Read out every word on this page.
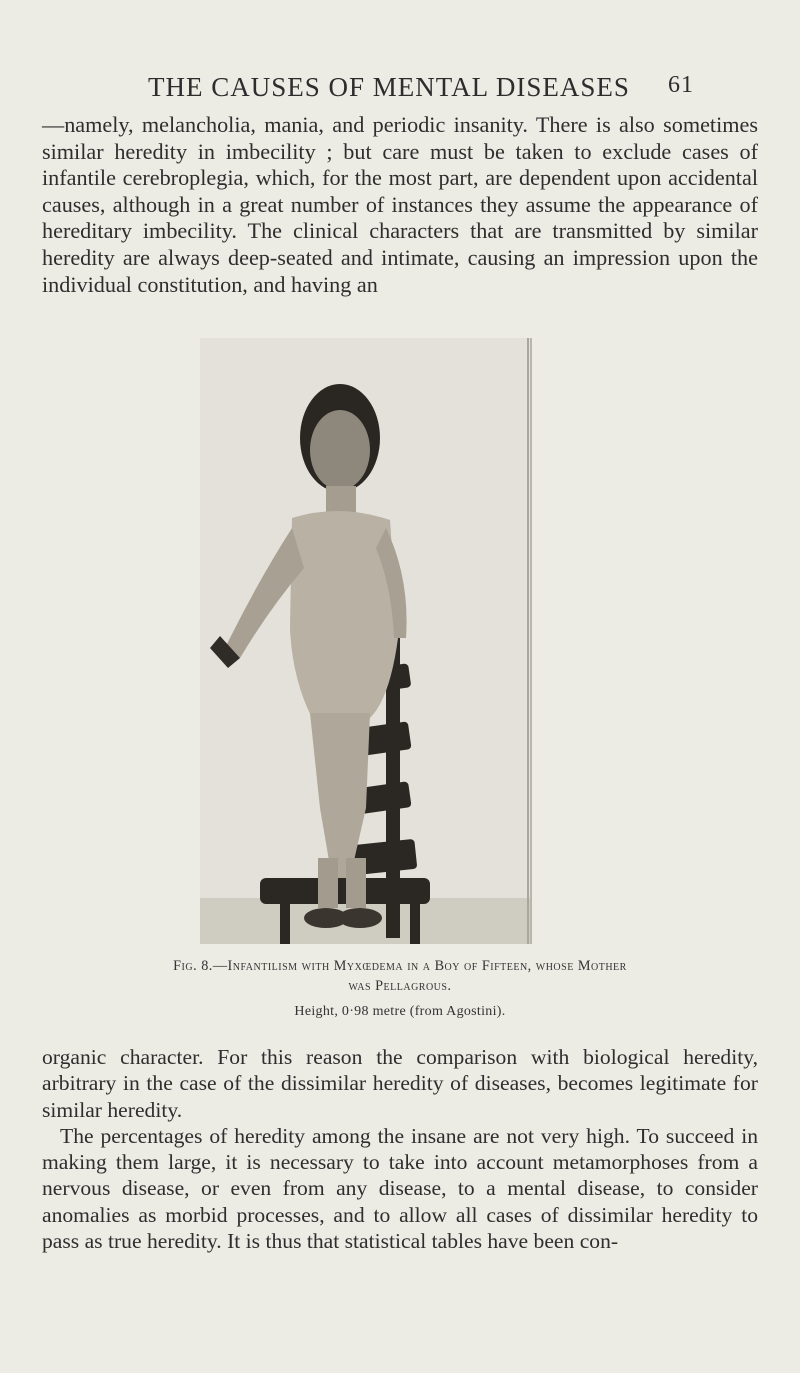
THE CAUSES OF MENTAL DISEASES 61

—namely, melancholia, mania, and periodic insanity. There is also sometimes similar heredity in imbecility ; but care must be taken to exclude cases of infantile cerebroplegia, which, for the most part, are dependent upon accidental causes, although in a great number of instances they assume the appearance of hereditary imbecility. The clinical characters that are transmitted by similar heredity are always deep-seated and intimate, causing an impression upon the individual constitution, and having an

Fig. 8.—Infantilism with Myxœdema in a Boy of Fifteen, whose Mother
was Pellagrous.
Height, 0·98 metre (from Agostini).

organic character. For this reason the comparison with biological heredity, arbitrary in the case of the dissimilar heredity of diseases, becomes legitimate for similar heredity.

The percentages of heredity among the insane are not very high. To succeed in making them large, it is necessary to take into account metamorphoses from a nervous disease, or even from any disease, to a mental disease, to consider anomalies as morbid processes, and to allow all cases of dissimilar heredity to pass as true heredity. It is thus that statistical tables have been con-
